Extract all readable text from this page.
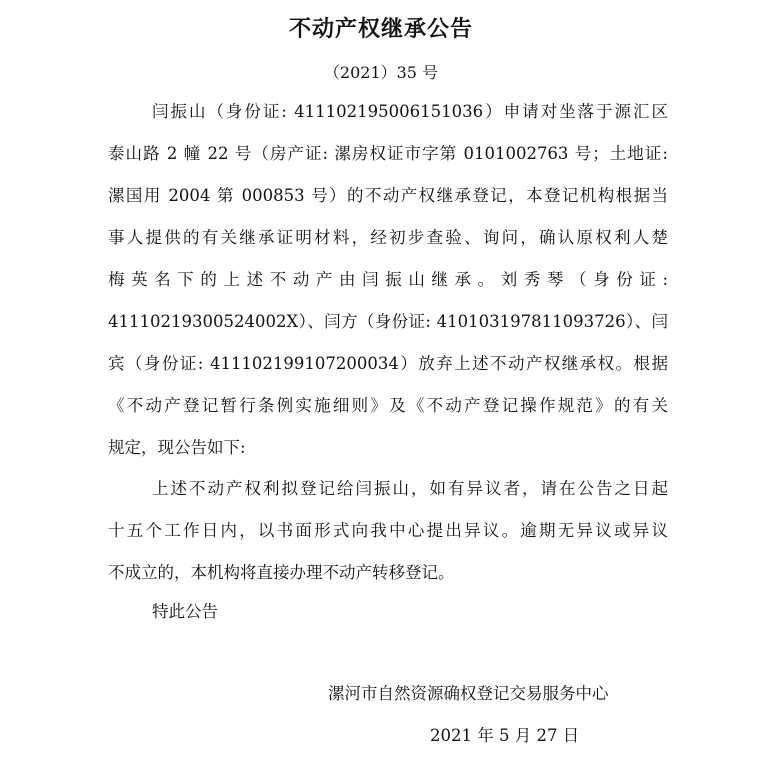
不动产权继承公告
（2021）35 号
闫振山（身份证: 411102195006151036）申请对坐落于源汇区
泰山路 2 幢 22 号（房产证: 漯房权证市字第 0101002763 号；土地证:
漯国用 2004 第 000853 号）的不动产权继承登记，本登记机构根据当
事人提供的有关继承证明材料，经初步查验、询问，确认原权利人楚
梅英名下的上述不动产由闫振山继承。刘秀琴（身份证:
41110219300524002X）、闫方（身份证: 410103197811093726）、闫
宾（身份证: 411102199107200034）放弃上述不动产权继承权。根据
《不动产登记暂行条例实施细则》及《不动产登记操作规范》的有关
规定，现公告如下:
上述不动产权利拟登记给闫振山，如有异议者，请在公告之日起
十五个工作日内，以书面形式向我中心提出异议。逾期无异议或异议
不成立的，本机构将直接办理不动产转移登记。
特此公告
漯河市自然资源确权登记交易服务中心
2021 年 5 月 27 日
